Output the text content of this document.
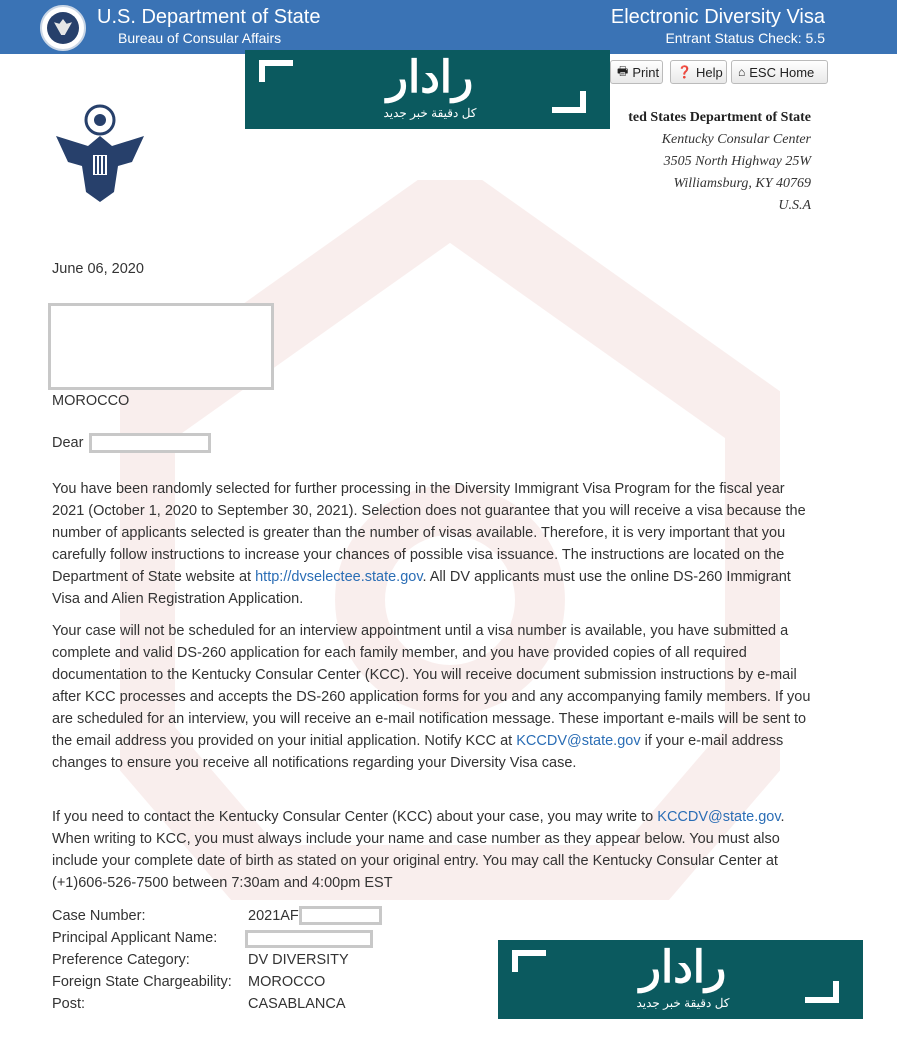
U.S. Department of State
Bureau of Consular Affairs
Electronic Diversity Visa
Entrant Status Check: 5.5
🖶 Print ❓ Help ⌂ ESC Home
ted States Department of State
Kentucky Consular Center
3505 North Highway 25W
Williamsburg, KY 40769
U.S.A
رادار
كل دقيقة خبر جديد
June 06, 2020
MOROCCO
Dear
You have been randomly selected for further processing in the Diversity Immigrant Visa Program for the fiscal year 2021 (October 1, 2020 to September 30, 2021). Selection does not guarantee that you will receive a visa because the number of applicants selected is greater than the number of visas available. Therefore, it is very important that you carefully follow instructions to increase your chances of possible visa issuance. The instructions are located on the Department of State website at http://dvselectee.state.gov. All DV applicants must use the online DS-260 Immigrant Visa and Alien Registration Application.
Your case will not be scheduled for an interview appointment until a visa number is available, you have submitted a complete and valid DS-260 application for each family member, and you have provided copies of all required documentation to the Kentucky Consular Center (KCC). You will receive document submission instructions by e-mail after KCC processes and accepts the DS-260 application forms for you and any accompanying family members. If you are scheduled for an interview, you will receive an e-mail notification message. These important e-mails will be sent to the email address you provided on your initial application. Notify KCC at KCCDV@state.gov if your e-mail address changes to ensure you receive all notifications regarding your Diversity Visa case.
If you need to contact the Kentucky Consular Center (KCC) about your case, you may write to KCCDV@state.gov. When writing to KCC, you must always include your name and case number as they appear below. You must also include your complete date of birth as stated on your original entry. You may call the Kentucky Consular Center at (+1)606-526-7500 between 7:30am and 4:00pm EST
Case Number:	2021AF
Principal Applicant Name:
Preference Category:	DV DIVERSITY
Foreign State Chargeability: MOROCCO
Post:	CASABLANCA
رادار
كل دقيقة خبر جديد
